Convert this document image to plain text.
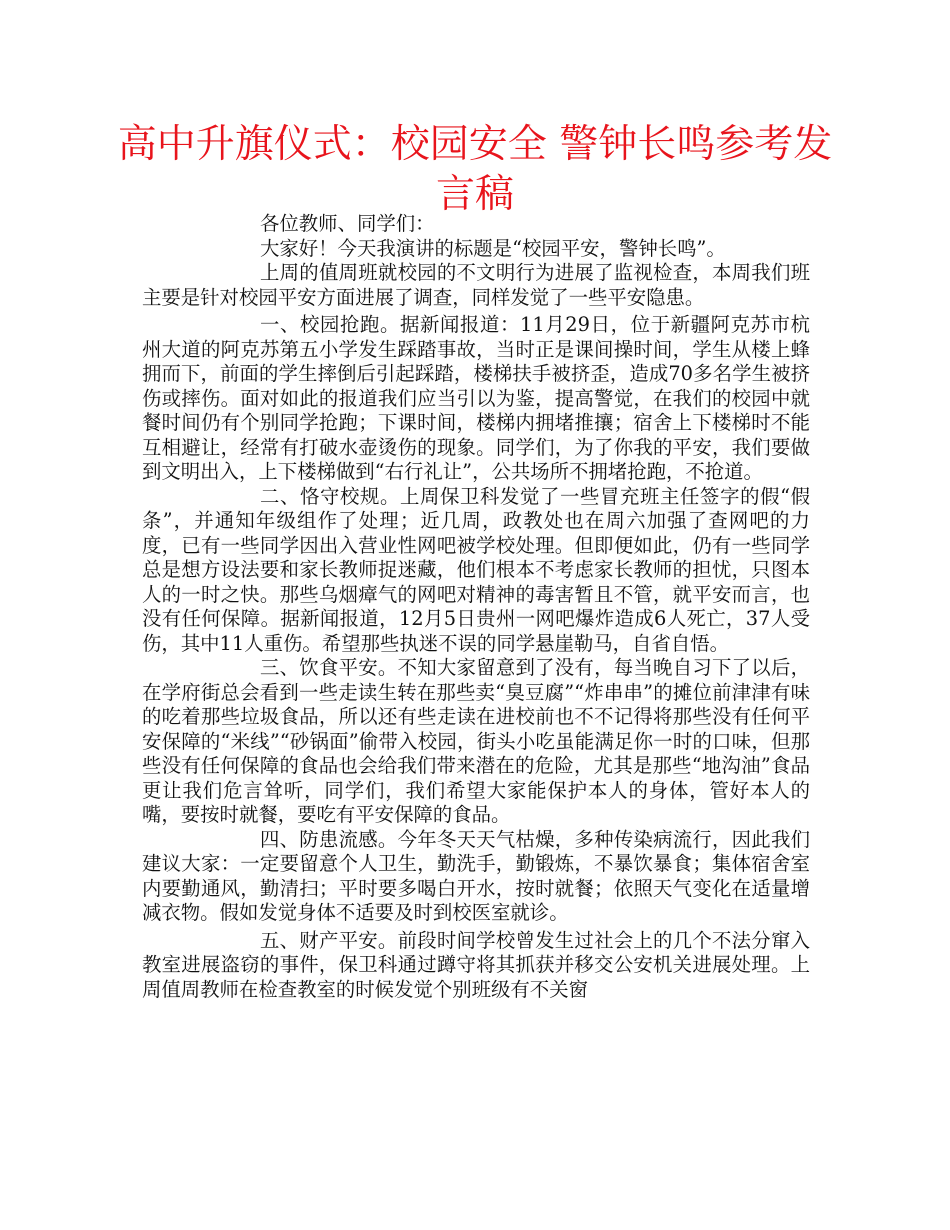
高中升旗仪式：校园安全 警钟长鸣参考发言稿

各位教师、同学们：

大家好！今天我演讲的标题是“校园平安，警钟长鸣”。

上周的值周班就校园的不文明行为进展了监视检查，本周我们班主要是针对校园平安方面进展了调查，同样发觉了一些平安隐患。

一、校园抢跑。据新闻报道：11月29日，位于新疆阿克苏市杭州大道的阿克苏第五小学发生踩踏事故，当时正是课间操时间，学生从楼上蜂拥而下，前面的学生摔倒后引起踩踏，楼梯扶手被挤歪，造成70多名学生被挤伤或摔伤。面对如此的报道我们应当引以为鉴，提高警觉，在我们的校园中就餐时间仍有个别同学抢跑；下课时间，楼梯内拥堵推攘；宿舍上下楼梯时不能互相避让，经常有打破水壶烫伤的现象。同学们，为了你我的平安，我们要做到文明出入，上下楼梯做到“右行礼让”，公共场所不拥堵抢跑，不抢道。

二、恪守校规。上周保卫科发觉了一些冒充班主任签字的假“假条”，并通知年级组作了处理；近几周，政教处也在周六加强了查网吧的力度，已有一些同学因出入营业性网吧被学校处理。但即便如此，仍有一些同学总是想方设法要和家长教师捉迷藏，他们根本不考虑家长教师的担忧，只图本人的一时之快。那些乌烟瘴气的网吧对精神的毒害暂且不管，就平安而言，也没有任何保障。据新闻报道，12月5日贵州一网吧爆炸造成6人死亡，37人受伤，其中11人重伤。希望那些执迷不误的同学悬崖勒马，自省自悟。

三、饮食平安。不知大家留意到了没有，每当晚自习下了以后，在学府街总会看到一些走读生转在那些卖“臭豆腐”“炸串串”的摊位前津津有味的吃着那些垃圾食品，所以还有些走读在进校前也不不记得将那些没有任何平安保障的“米线”“砂锅面”偷带入校园，街头小吃虽能满足你一时的口味，但那些没有任何保障的食品也会给我们带来潜在的危险，尤其是那些“地沟油”食品更让我们危言耸听，同学们，我们希望大家能保护本人的身体，管好本人的嘴，要按时就餐，要吃有平安保障的食品。

四、防患流感。今年冬天天气枯燥，多种传染病流行，因此我们建议大家：一定要留意个人卫生，勤洗手，勤锻炼，不暴饮暴食；集体宿舍室内要勤通风，勤清扫；平时要多喝白开水，按时就餐；依照天气变化在适量增减衣物。假如发觉身体不适要及时到校医室就诊。

五、财产平安。前段时间学校曾发生过社会上的几个不法分窜入教室进展盗窃的事件，保卫科通过蹲守将其抓获并移交公安机关进展处理。上周值周教师在检查教室的时候发觉个别班级有不关窗
